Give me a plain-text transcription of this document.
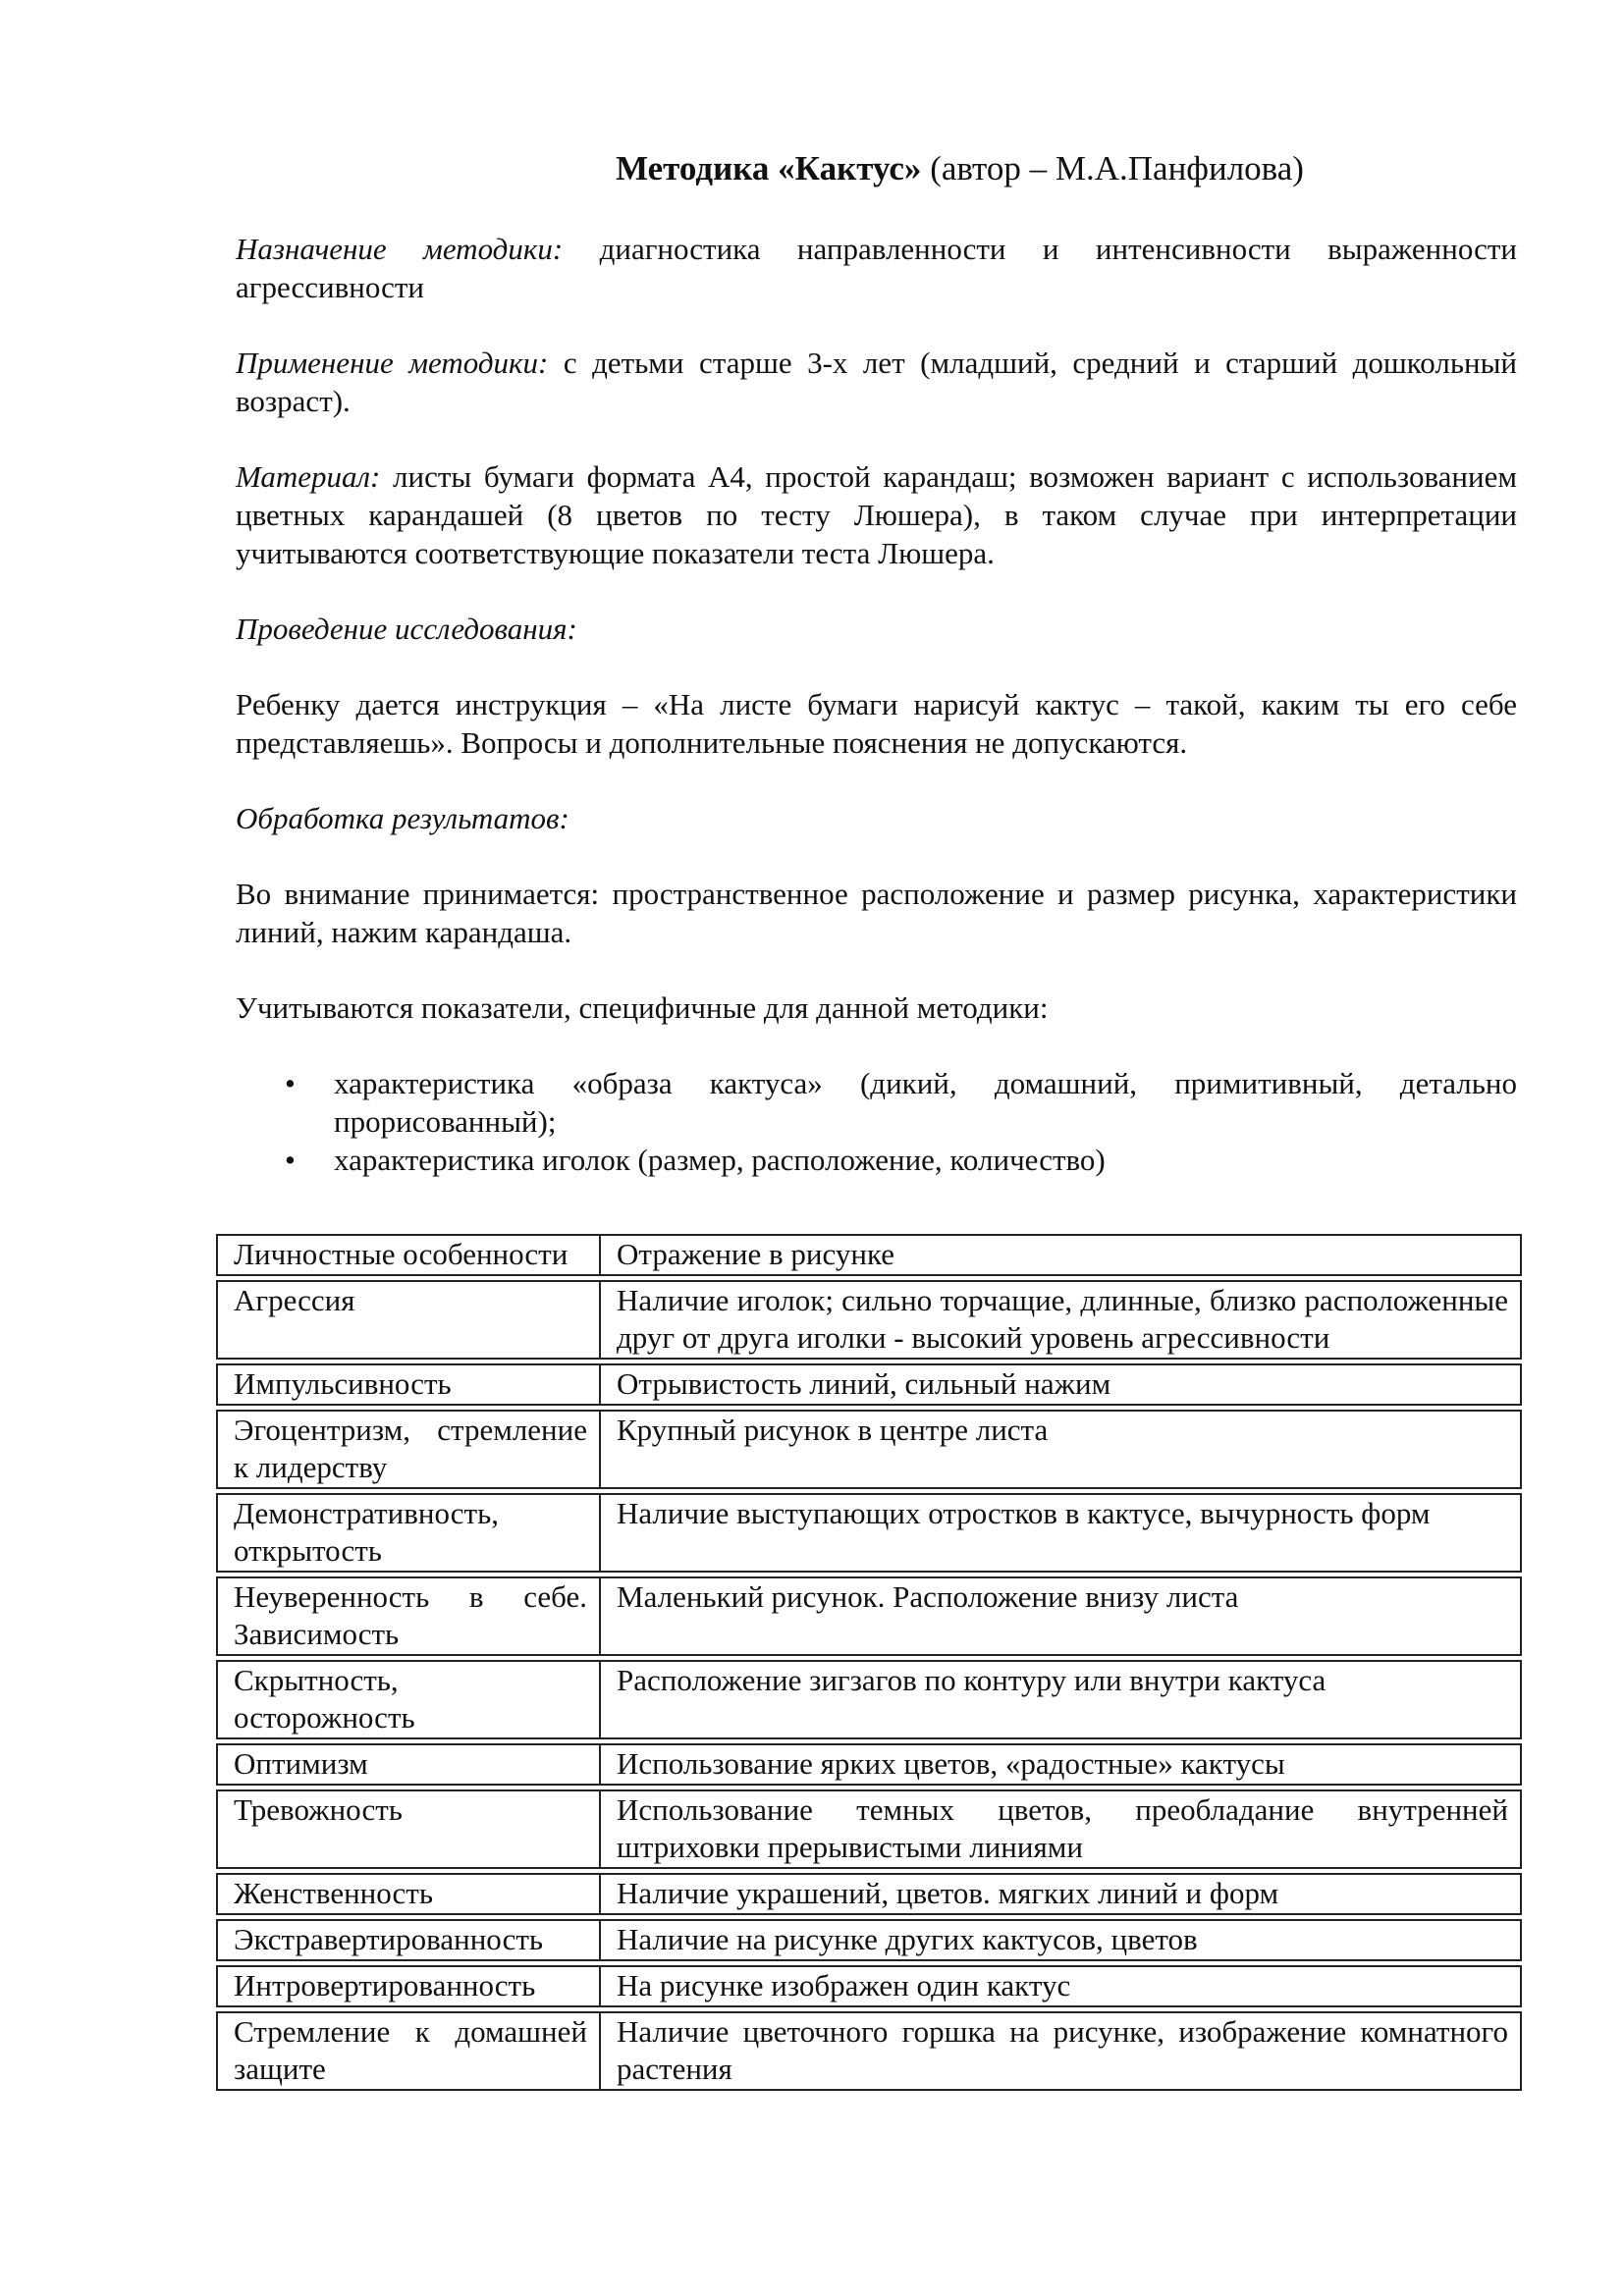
Методика «Кактус» (автор – М.А.Панфилова)

Назначение методики: диагностика направленности и интенсивности выраженности агрессивности

Применение методики: с детьми старше 3-х лет (младший, средний и старший дошкольный возраст).

Материал: листы бумаги формата А4, простой карандаш; возможен вариант с использованием цветных карандашей (8 цветов по тесту Люшера), в таком случае при интерпретации учитываются соответствующие показатели теста Люшера.

Проведение исследования:

Ребенку дается инструкция – «На листе бумаги нарисуй кактус – такой, каким ты его себе представляешь». Вопросы и дополнительные пояснения не допускаются.

Обработка результатов:

Во внимание принимается: пространственное расположение и размер рисунка, характеристики линий, нажим карандаша.

Учитываются показатели, специфичные для данной методики:

• характеристика «образа кактуса» (дикий, домашний, примитивный, детально прорисованный);
• характеристика иголок (размер, расположение, количество)
Личностные особенности	Отражение в рисунке
Агрессия	Наличие иголок; сильно торчащие, длинные, близко расположенные друг от друга иголки - высокий уровень агрессивности
Импульсивность	Отрывистость линий, сильный нажим
Эгоцентризм, стремление к лидерству	Крупный рисунок в центре листа
Демонстративность, открытость	Наличие выступающих отростков в кактусе, вычурность форм
Неуверенность в себе. Зависимость	Маленький рисунок. Расположение внизу листа
Скрытность, осторожность	Расположение зигзагов по контуру или внутри кактуса
Оптимизм	Использование ярких цветов, «радостные» кактусы
Тревожность	Использование темных цветов, преобладание внутренней штриховки прерывистыми линиями
Женственность	Наличие украшений, цветов. мягких линий и форм
Экстравертированность	Наличие на рисунке других кактусов, цветов
Интровертированность	На рисунке изображен один кактус
Стремление к домашней защите	Наличие цветочного горшка на рисунке, изображение комнатного растения
